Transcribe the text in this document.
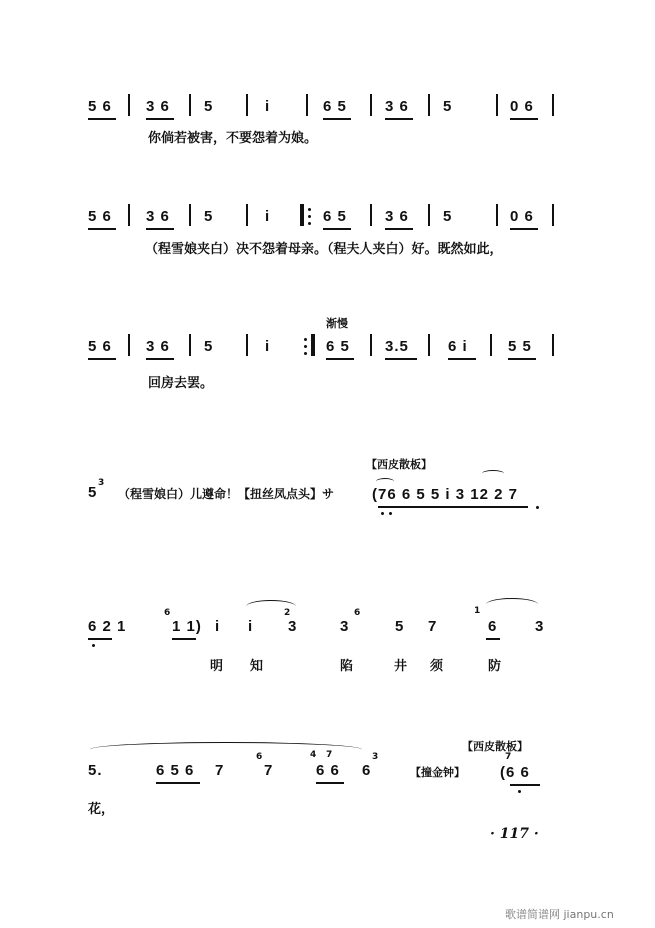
5 6 3 6 5	i	6 5	3 6 5	0 6
你倘若被害，不要怨着为娘。
5 6 3 6 5	i	6 5	3 6 5	0 6
（程雪娘夹白）决不怨着母亲。（程夫人夹白）好。既然如此，
渐慢
5 6 3 6 5	i	6 5 3.5	6 i	5 5
回房去罢。
5
3
（程雪娘白）儿遵命！【扭丝凤点头】サ
【西皮散板】
(76 6 5 5 i 3 12 2 7
6 2 1
6
1 1) i i
2
3	3
6
5 7
1
6	3
明 知	陷	井 须	防
【西皮散板】
5.	6 5 6 7
6
7
4 7
6 6 6
3
【撞金钟】
7
(6 6
花，
· 117 ·
歌谱简谱网 jianpu.cn
